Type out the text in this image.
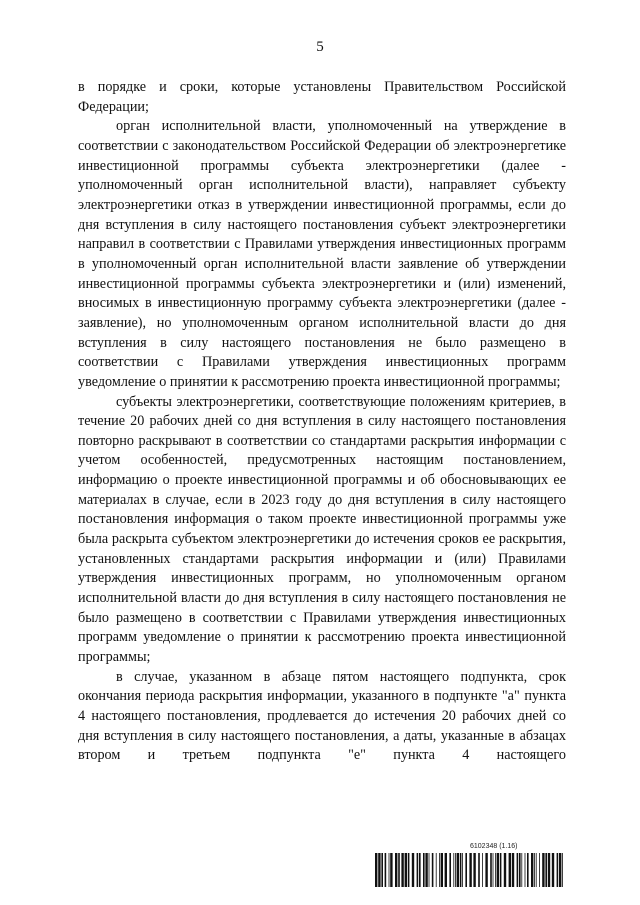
5

в порядке и сроки, которые установлены Правительством Российской Федерации;

орган исполнительной власти, уполномоченный на утверждение в соответствии с законодательством Российской Федерации об электроэнергетике инвестиционной программы субъекта электроэнергетики (далее - уполномоченный орган исполнительной власти), направляет субъекту электроэнергетики отказ в утверждении инвестиционной программы, если до дня вступления в силу настоящего постановления субъект электроэнергетики направил в соответствии с Правилами утверждения инвестиционных программ в уполномоченный орган исполнительной власти заявление об утверждении инвестиционной программы субъекта электроэнергетики и (или) изменений, вносимых в инвестиционную программу субъекта электроэнергетики (далее - заявление), но уполномоченным органом исполнительной власти до дня вступления в силу настоящего постановления не было размещено в соответствии с Правилами утверждения инвестиционных программ уведомление о принятии к рассмотрению проекта инвестиционной программы;

субъекты электроэнергетики, соответствующие положениям критериев, в течение 20 рабочих дней со дня вступления в силу настоящего постановления повторно раскрывают в соответствии со стандартами раскрытия информации с учетом особенностей, предусмотренных настоящим постановлением, информацию о проекте инвестиционной программы и об обосновывающих ее материалах в случае, если в 2023 году до дня вступления в силу настоящего постановления информация о таком проекте инвестиционной программы уже была раскрыта субъектом электроэнергетики до истечения сроков ее раскрытия, установленных стандартами раскрытия информации и (или) Правилами утверждения инвестиционных программ, но уполномоченным органом исполнительной власти до дня вступления в силу настоящего постановления не было размещено в соответствии с Правилами утверждения инвестиционных программ уведомление о принятии к рассмотрению проекта инвестиционной программы;

в случае, указанном в абзаце пятом настоящего подпункта, срок окончания периода раскрытия информации, указанного в подпункте "а" пункта 4 настоящего постановления, продлевается до истечения 20 рабочих дней со дня вступления в силу настоящего постановления, а даты, указанные в абзацах втором и третьем подпункта "е" пункта 4 настоящего

6102348 (1.16)
